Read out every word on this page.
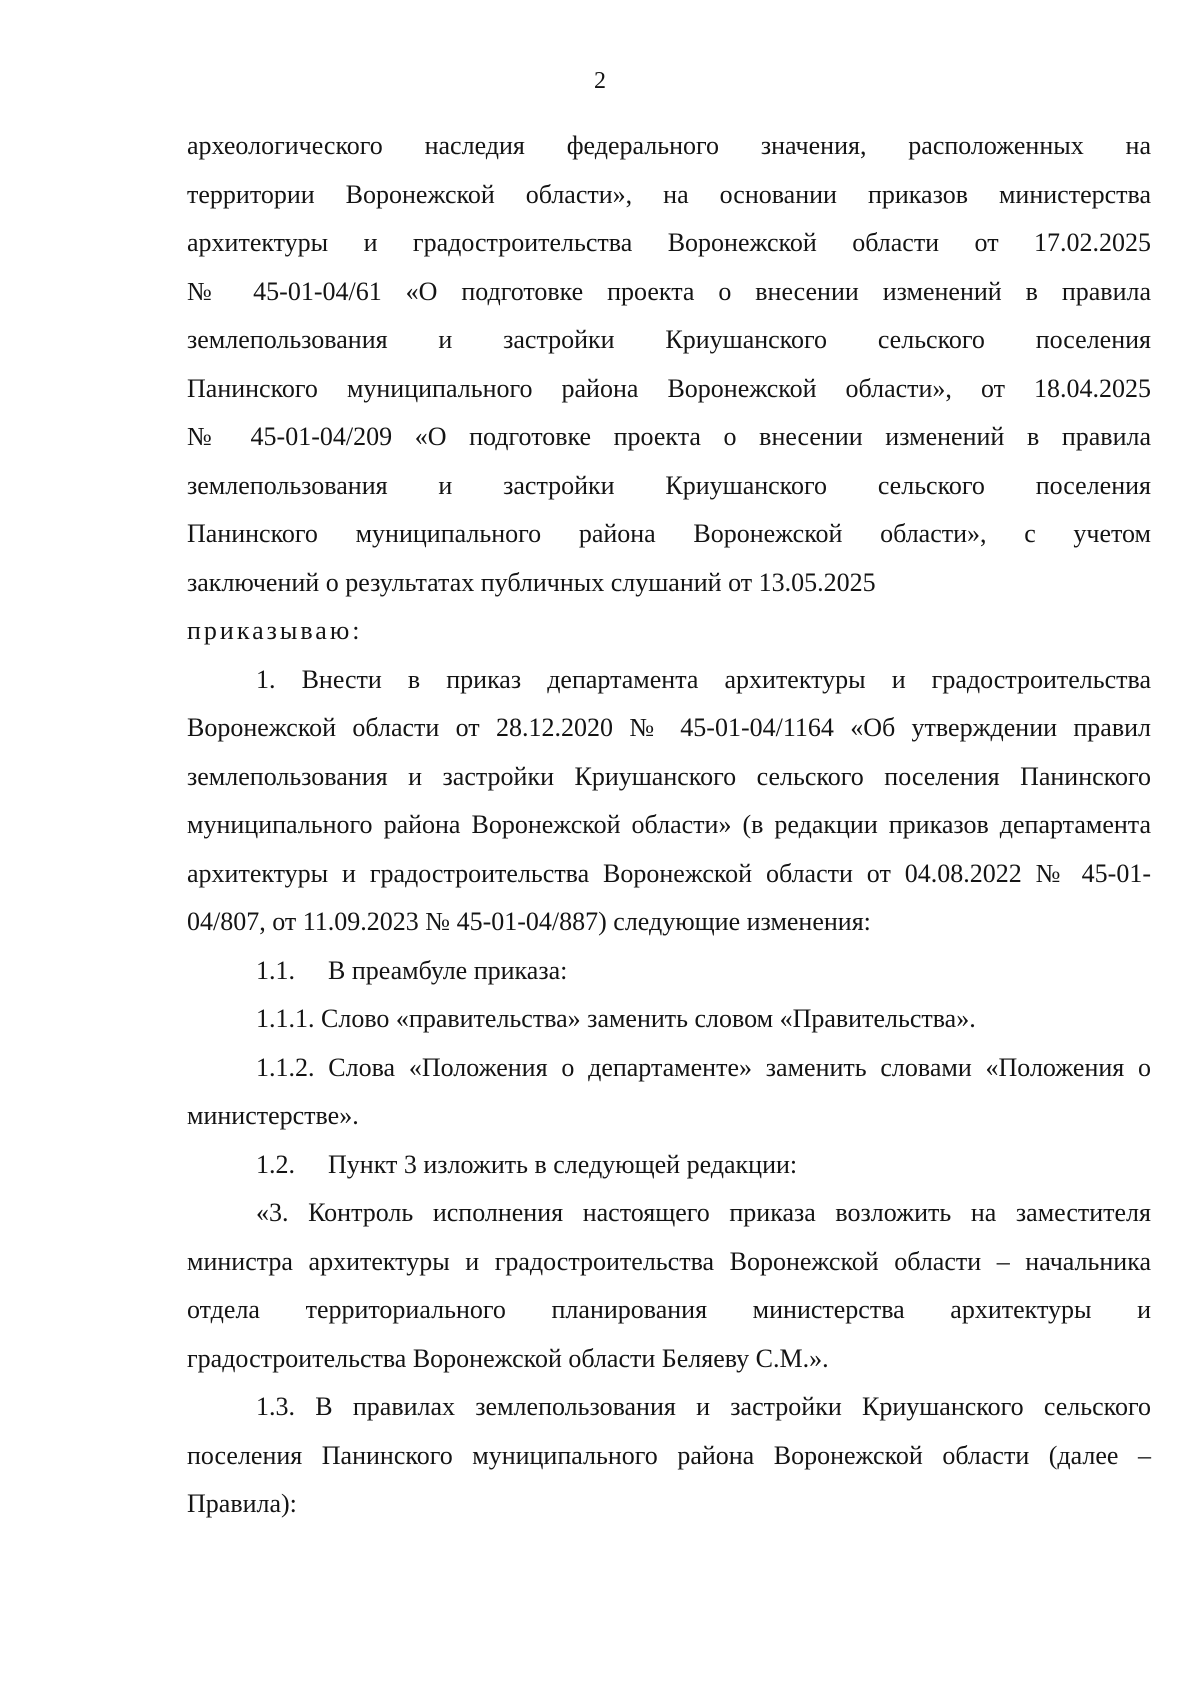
2
археологического наследия федерального значения, расположенных на
территории Воронежской области», на основании приказов министерства
архитектуры и градостроительства Воронежской области от 17.02.2025
№ 45-01-04/61 «О подготовке проекта о внесении изменений в правила
землепользования и застройки Криушанского сельского поселения
Панинского муниципального района Воронежской области», от 18.04.2025
№ 45-01-04/209 «О подготовке проекта о внесении изменений в правила
землепользования и застройки Криушанского сельского поселения
Панинского муниципального района Воронежской области», с учетом
заключений о результатах публичных слушаний от 13.05.2025
приказываю:

1. Внести в приказ департамента архитектуры и градостроительства Воронежской области от 28.12.2020 № 45-01-04/1164 «Об утверждении правил землепользования и застройки Криушанского сельского поселения Панинского муниципального района Воронежской области» (в редакции приказов департамента архитектуры и градостроительства Воронежской области от 04.08.2022 № 45-01-04/807, от 11.09.2023 № 45-01-04/887) следующие изменения:

1.1. В преамбуле приказа:

1.1.1. Слово «правительства» заменить словом «Правительства».

1.1.2. Слова «Положения о департаменте» заменить словами «Положения о министерстве».

1.2. Пункт 3 изложить в следующей редакции:

«3. Контроль исполнения настоящего приказа возложить на заместителя министра архитектуры и градостроительства Воронежской области – начальника отдела территориального планирования министерства архитектуры и градостроительства Воронежской области Беляеву С.М.».

1.3. В правилах землепользования и застройки Криушанского сельского поселения Панинского муниципального района Воронежской области (далее – Правила):
